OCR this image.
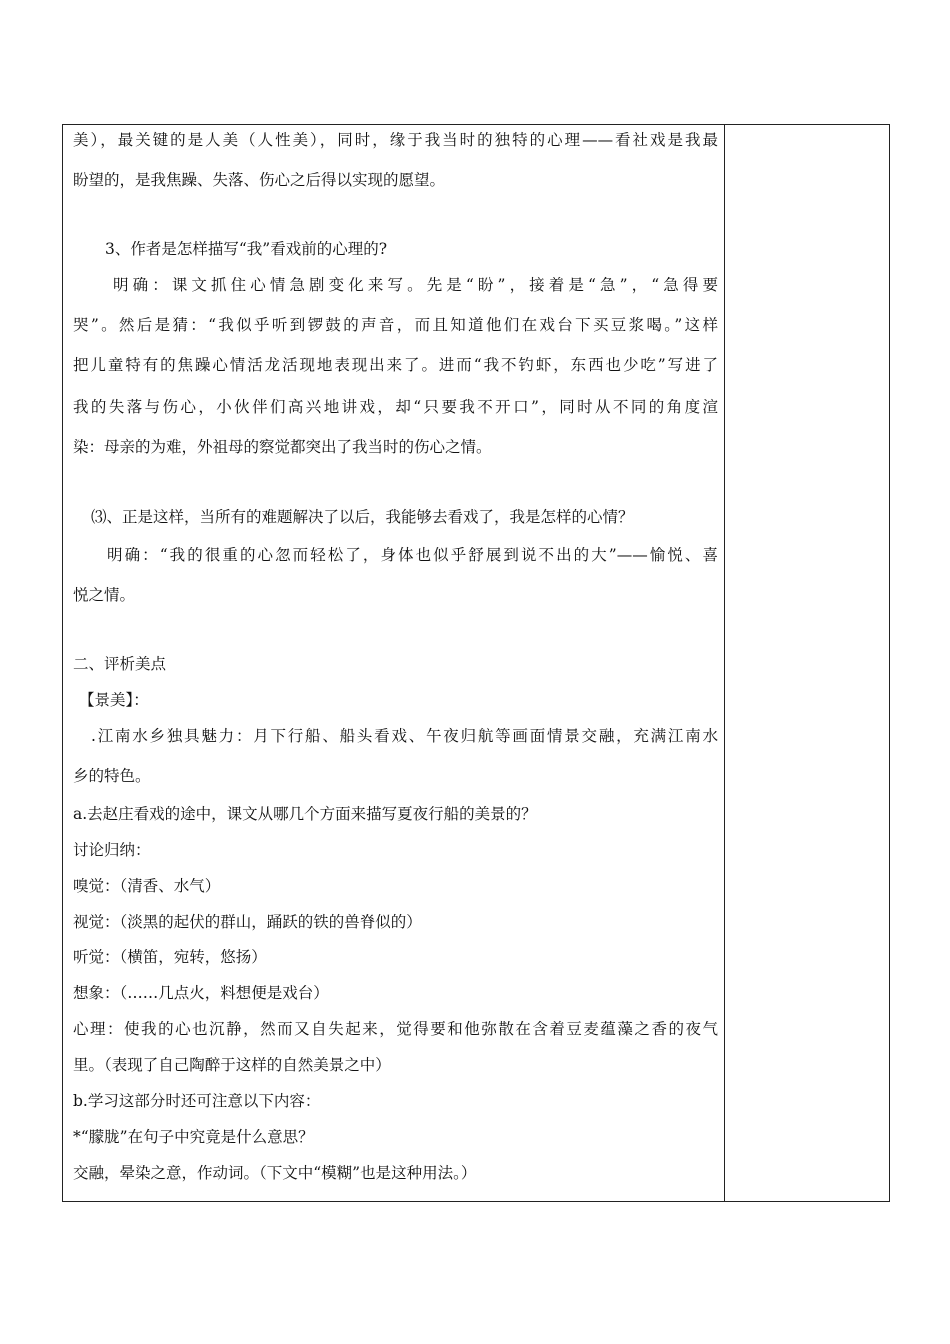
美），最关键的是人美（人性美），同时，缘于我当时的独特的心理——看社戏是我最
盼望的，是我焦躁、失落、伤心之后得以实现的愿望。
3、作者是怎样描写“我”看戏前的心理的?
明确：课文抓住心情急剧变化来写。先是“盼”，接着是“急”，“急得要
哭”。然后是猜：“我似乎听到锣鼓的声音，而且知道他们在戏台下买豆浆喝。”这样
把儿童特有的焦躁心情活龙活现地表现出来了。进而“我不钓虾，东西也少吃”写进了
我的失落与伤心，小伙伴们高兴地讲戏，却“只要我不开口”，同时从不同的角度渲
染：母亲的为难，外祖母的察觉都突出了我当时的伤心之情。
⑶、正是这样，当所有的难题解决了以后，我能够去看戏了，我是怎样的心情？
明确：“我的很重的心忽而轻松了，身体也似乎舒展到说不出的大”——愉悦、喜
悦之情。
二、评析美点
【景美】：
.江南水乡独具魅力：月下行船、船头看戏、午夜归航等画面情景交融，充满江南水
乡的特色。
a.去赵庄看戏的途中，课文从哪几个方面来描写夏夜行船的美景的？
讨论归纳：
嗅觉：（清香、水气）
视觉：（淡黑的起伏的群山，踊跃的铁的兽脊似的）
听觉：（横笛，宛转，悠扬）
想象：（……几点火，料想便是戏台）
心理：使我的心也沉静，然而又自失起来，觉得要和他弥散在含着豆麦蕴藻之香的夜气
里。（表现了自己陶醉于这样的自然美景之中）
b.学习这部分时还可注意以下内容：
*“朦胧”在句子中究竟是什么意思？
交融，晕染之意，作动词。（下文中“模糊”也是这种用法。）
